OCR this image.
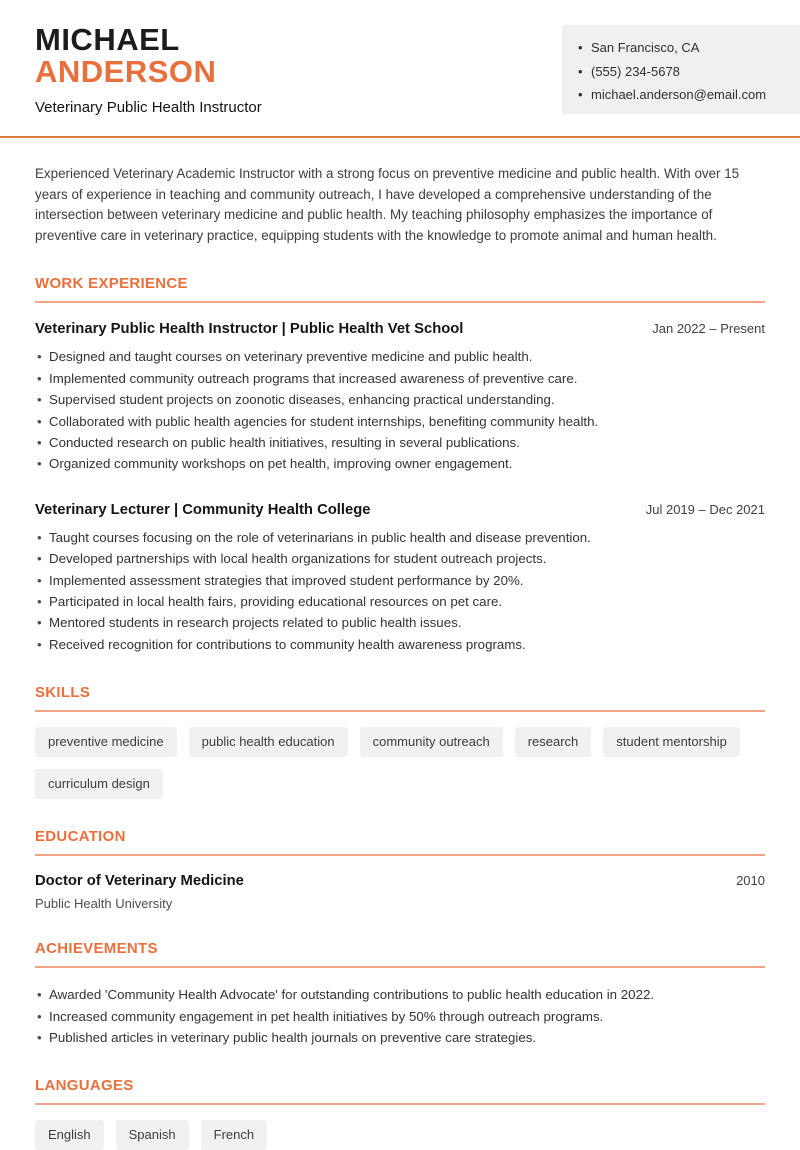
MICHAEL
ANDERSON
Veterinary Public Health Instructor
• San Francisco, CA
• (555) 234-5678
• michael.anderson@email.com

Experienced Veterinary Academic Instructor with a strong focus on preventive medicine and public health. With over 15 years of experience in teaching and community outreach, I have developed a comprehensive understanding of the intersection between veterinary medicine and public health. My teaching philosophy emphasizes the importance of preventive care in veterinary practice, equipping students with the knowledge to promote animal and human health.

WORK EXPERIENCE
Veterinary Public Health Instructor | Public Health Vet School	Jan 2022 – Present
• Designed and taught courses on veterinary preventive medicine and public health.
• Implemented community outreach programs that increased awareness of preventive care.
• Supervised student projects on zoonotic diseases, enhancing practical understanding.
• Collaborated with public health agencies for student internships, benefiting community health.
• Conducted research on public health initiatives, resulting in several publications.
• Organized community workshops on pet health, improving owner engagement.
Veterinary Lecturer | Community Health College	Jul 2019 – Dec 2021
• Taught courses focusing on the role of veterinarians in public health and disease prevention.
• Developed partnerships with local health organizations for student outreach projects.
• Implemented assessment strategies that improved student performance by 20%.
• Participated in local health fairs, providing educational resources on pet care.
• Mentored students in research projects related to public health issues.
• Received recognition for contributions to community health awareness programs.
SKILLS
preventive medicine	public health education	community outreach	research	student mentorship
curriculum design
EDUCATION
Doctor of Veterinary Medicine	2010
Public Health University
ACHIEVEMENTS
• Awarded 'Community Health Advocate' for outstanding contributions to public health education in 2022.
• Increased community engagement in pet health initiatives by 50% through outreach programs.
• Published articles in veterinary public health journals on preventive care strategies.
LANGUAGES
English	Spanish	French
